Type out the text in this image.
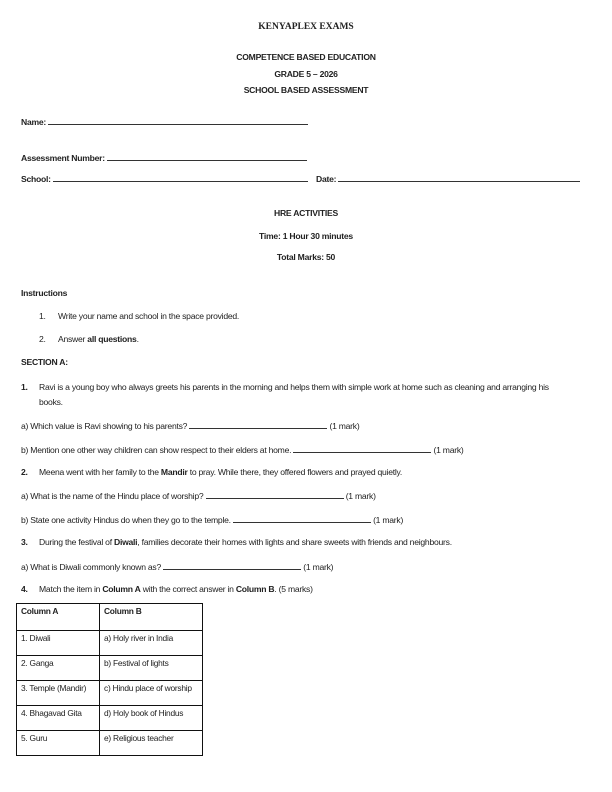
KENYAPLEX EXAMS
COMPETENCE BASED EDUCATION
GRADE 5 – 2026
SCHOOL BASED ASSESSMENT
Name:
Assessment Number:
School:	Date:
HRE ACTIVITIES
Time: 1 Hour 30 minutes
Total Marks: 50
Instructions
1. Write your name and school in the space provided.
2. Answer all questions.
SECTION A:
1. Ravi is a young boy who always greets his parents in the morning and helps them with simple work at home such as cleaning and arranging his
books.
a) Which value is Ravi showing to his parents?	(1 mark)
b) Mention one other way children can show respect to their elders at home.	(1 mark)
2. Meena went with her family to the Mandir to pray. While there, they offered flowers and prayed quietly.
a) What is the name of the Hindu place of worship?	(1 mark)
b) State one activity Hindus do when they go to the temple.	(1 mark)
3. During the festival of Diwali, families decorate their homes with lights and share sweets with friends and neighbours.
a) What is Diwali commonly known as?	(1 mark)
4. Match the item in Column A with the correct answer in Column B. (5 marks)
Column A	Column B
1. Diwali	a) Holy river in India
2. Ganga	b) Festival of lights
3. Temple (Mandir)	c) Hindu place of worship
4. Bhagavad Gita	d) Holy book of Hindus
5. Guru	e) Religious teacher
